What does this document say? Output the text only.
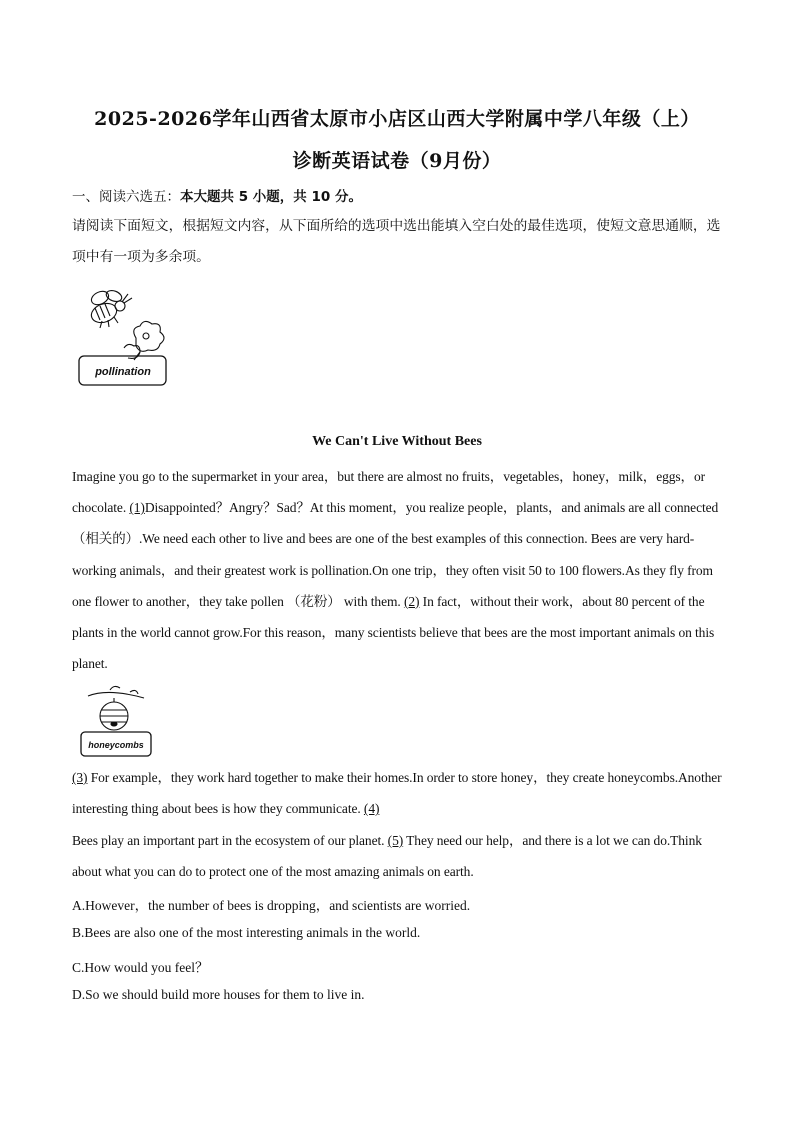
2025-2026学年山西省太原市小店区山西大学附属中学八年级（上）
诊断英语试卷（9月份）
一、阅读六选五：本大题共 5 小题，共 10 分。
请阅读下面短文，根据短文内容，从下面所给的选项中选出能填入空白处的最佳选项，使短文意思通顺，选项中有一项为多余项。
pollination
We Can't Live Without Bees
Imagine you go to the supermarket in your area，but there are almost no fruits，vegetables，honey，milk，eggs，or chocolate. (1)Disappointed？Angry？Sad？At this moment，you realize people，plants，and animals are all connected （相关的）.We need each other to live and bees are one of the best examples of this connection. Bees are very hard-working animals，and their greatest work is pollination.On one trip，they often visit 50 to 100 flowers.As they fly from one flower to another，they take pollen （花粉） with them. (2) In fact，without their work，about 80 percent of the plants in the world cannot grow.For this reason，many scientists believe that bees are the most important animals on this planet.
honeycombs
(3) For example，they work hard together to make their homes.In order to store honey，they create honeycombs.Another interesting thing about bees is how they communicate. (4)
Bees play an important part in the ecosystem of our planet. (5) They need our help，and there is a lot we can do.Think about what you can do to protect one of the most amazing animals on earth.
A.However，the number of bees is dropping，and scientists are worried.
B.Bees are also one of the most interesting animals in the world.
C.How would you feel？
D.So we should build more houses for them to live in.
